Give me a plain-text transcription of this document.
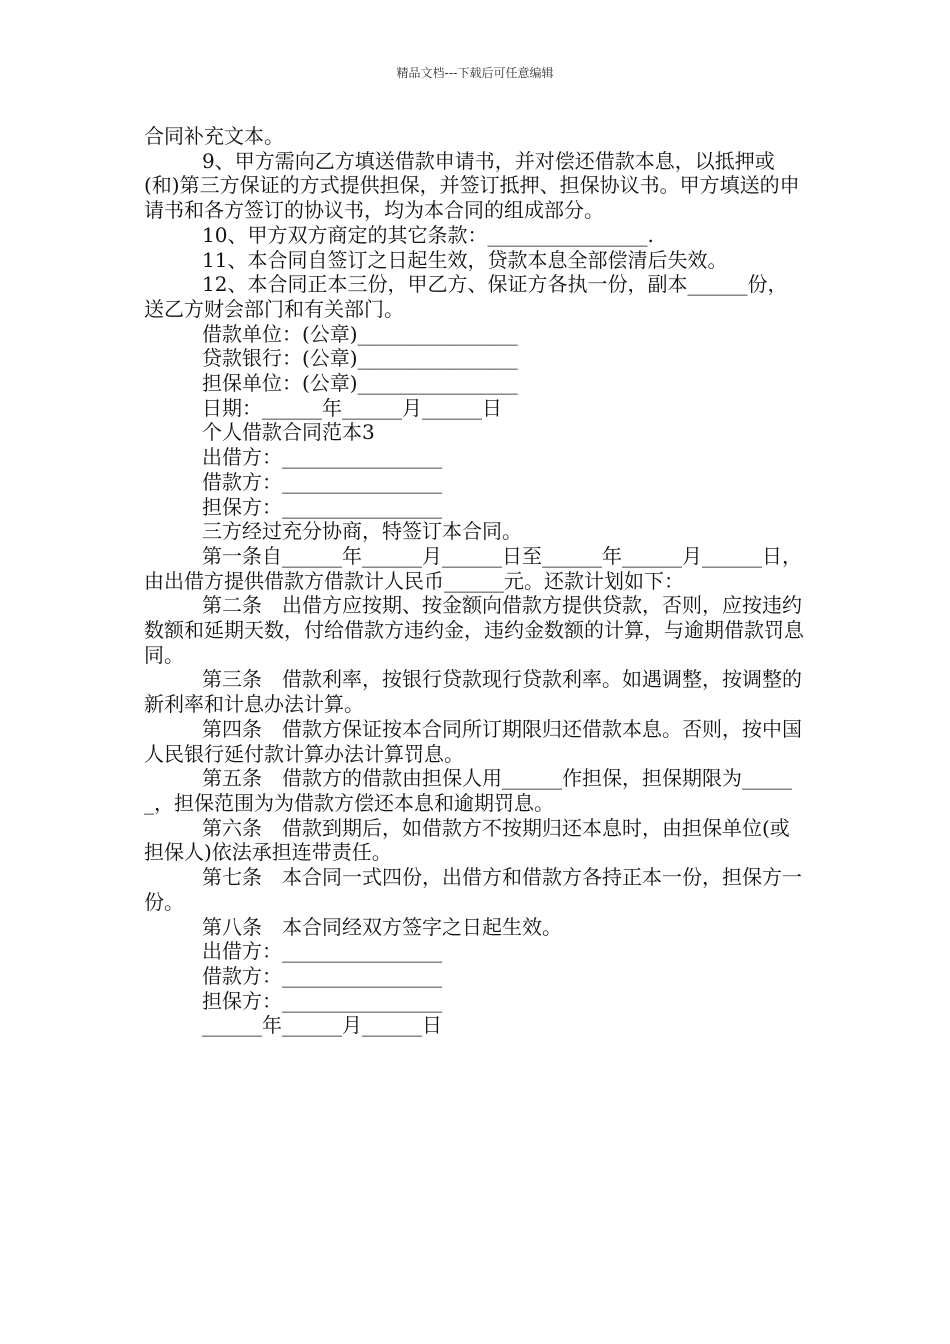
精品文档---下载后可任意编辑

合同补充文本。

9、甲方需向乙方填送借款申请书，并对偿还借款本息，以抵押或(和)第三方保证的方式提供担保，并签订抵押、担保协议书。甲方填送的申请书和各方签订的协议书，均为本合同的组成部分。

10、甲方双方商定的其它条款：________________.

11、本合同自签订之日起生效，贷款本息全部偿清后失效。

12、本合同正本三份，甲乙方、保证方各执一份，副本______份，送乙方财会部门和有关部门。

借款单位：(公章)________________

贷款银行：(公章)________________

担保单位：(公章)________________

日期：______年______月______日

个人借款合同范本3

出借方：________________

借款方：________________

担保方：________________

三方经过充分协商，特签订本合同。

第一条自______年______月______日至______年______月______日，由出借方提供借款方借款计人民币______元。还款计划如下：

第二条　出借方应按期、按金额向借款方提供贷款，否则，应按违约数额和延期天数，付给借款方违约金，违约金数额的计算，与逾期借款罚息同。

第三条　借款利率，按银行贷款现行贷款利率。如遇调整，按调整的新利率和计息办法计算。

第四条　借款方保证按本合同所订期限归还借款本息。否则，按中国人民银行延付款计算办法计算罚息。

第五条　借款方的借款由担保人用______作担保，担保期限为______，担保范围为为借款方偿还本息和逾期罚息。

第六条　借款到期后，如借款方不按期归还本息时，由担保单位(或担保人)依法承担连带责任。

第七条　本合同一式四份，出借方和借款方各持正本一份，担保方一份。

第八条　本合同经双方签字之日起生效。

出借方：________________

借款方：________________

担保方：________________

______年______月______日
